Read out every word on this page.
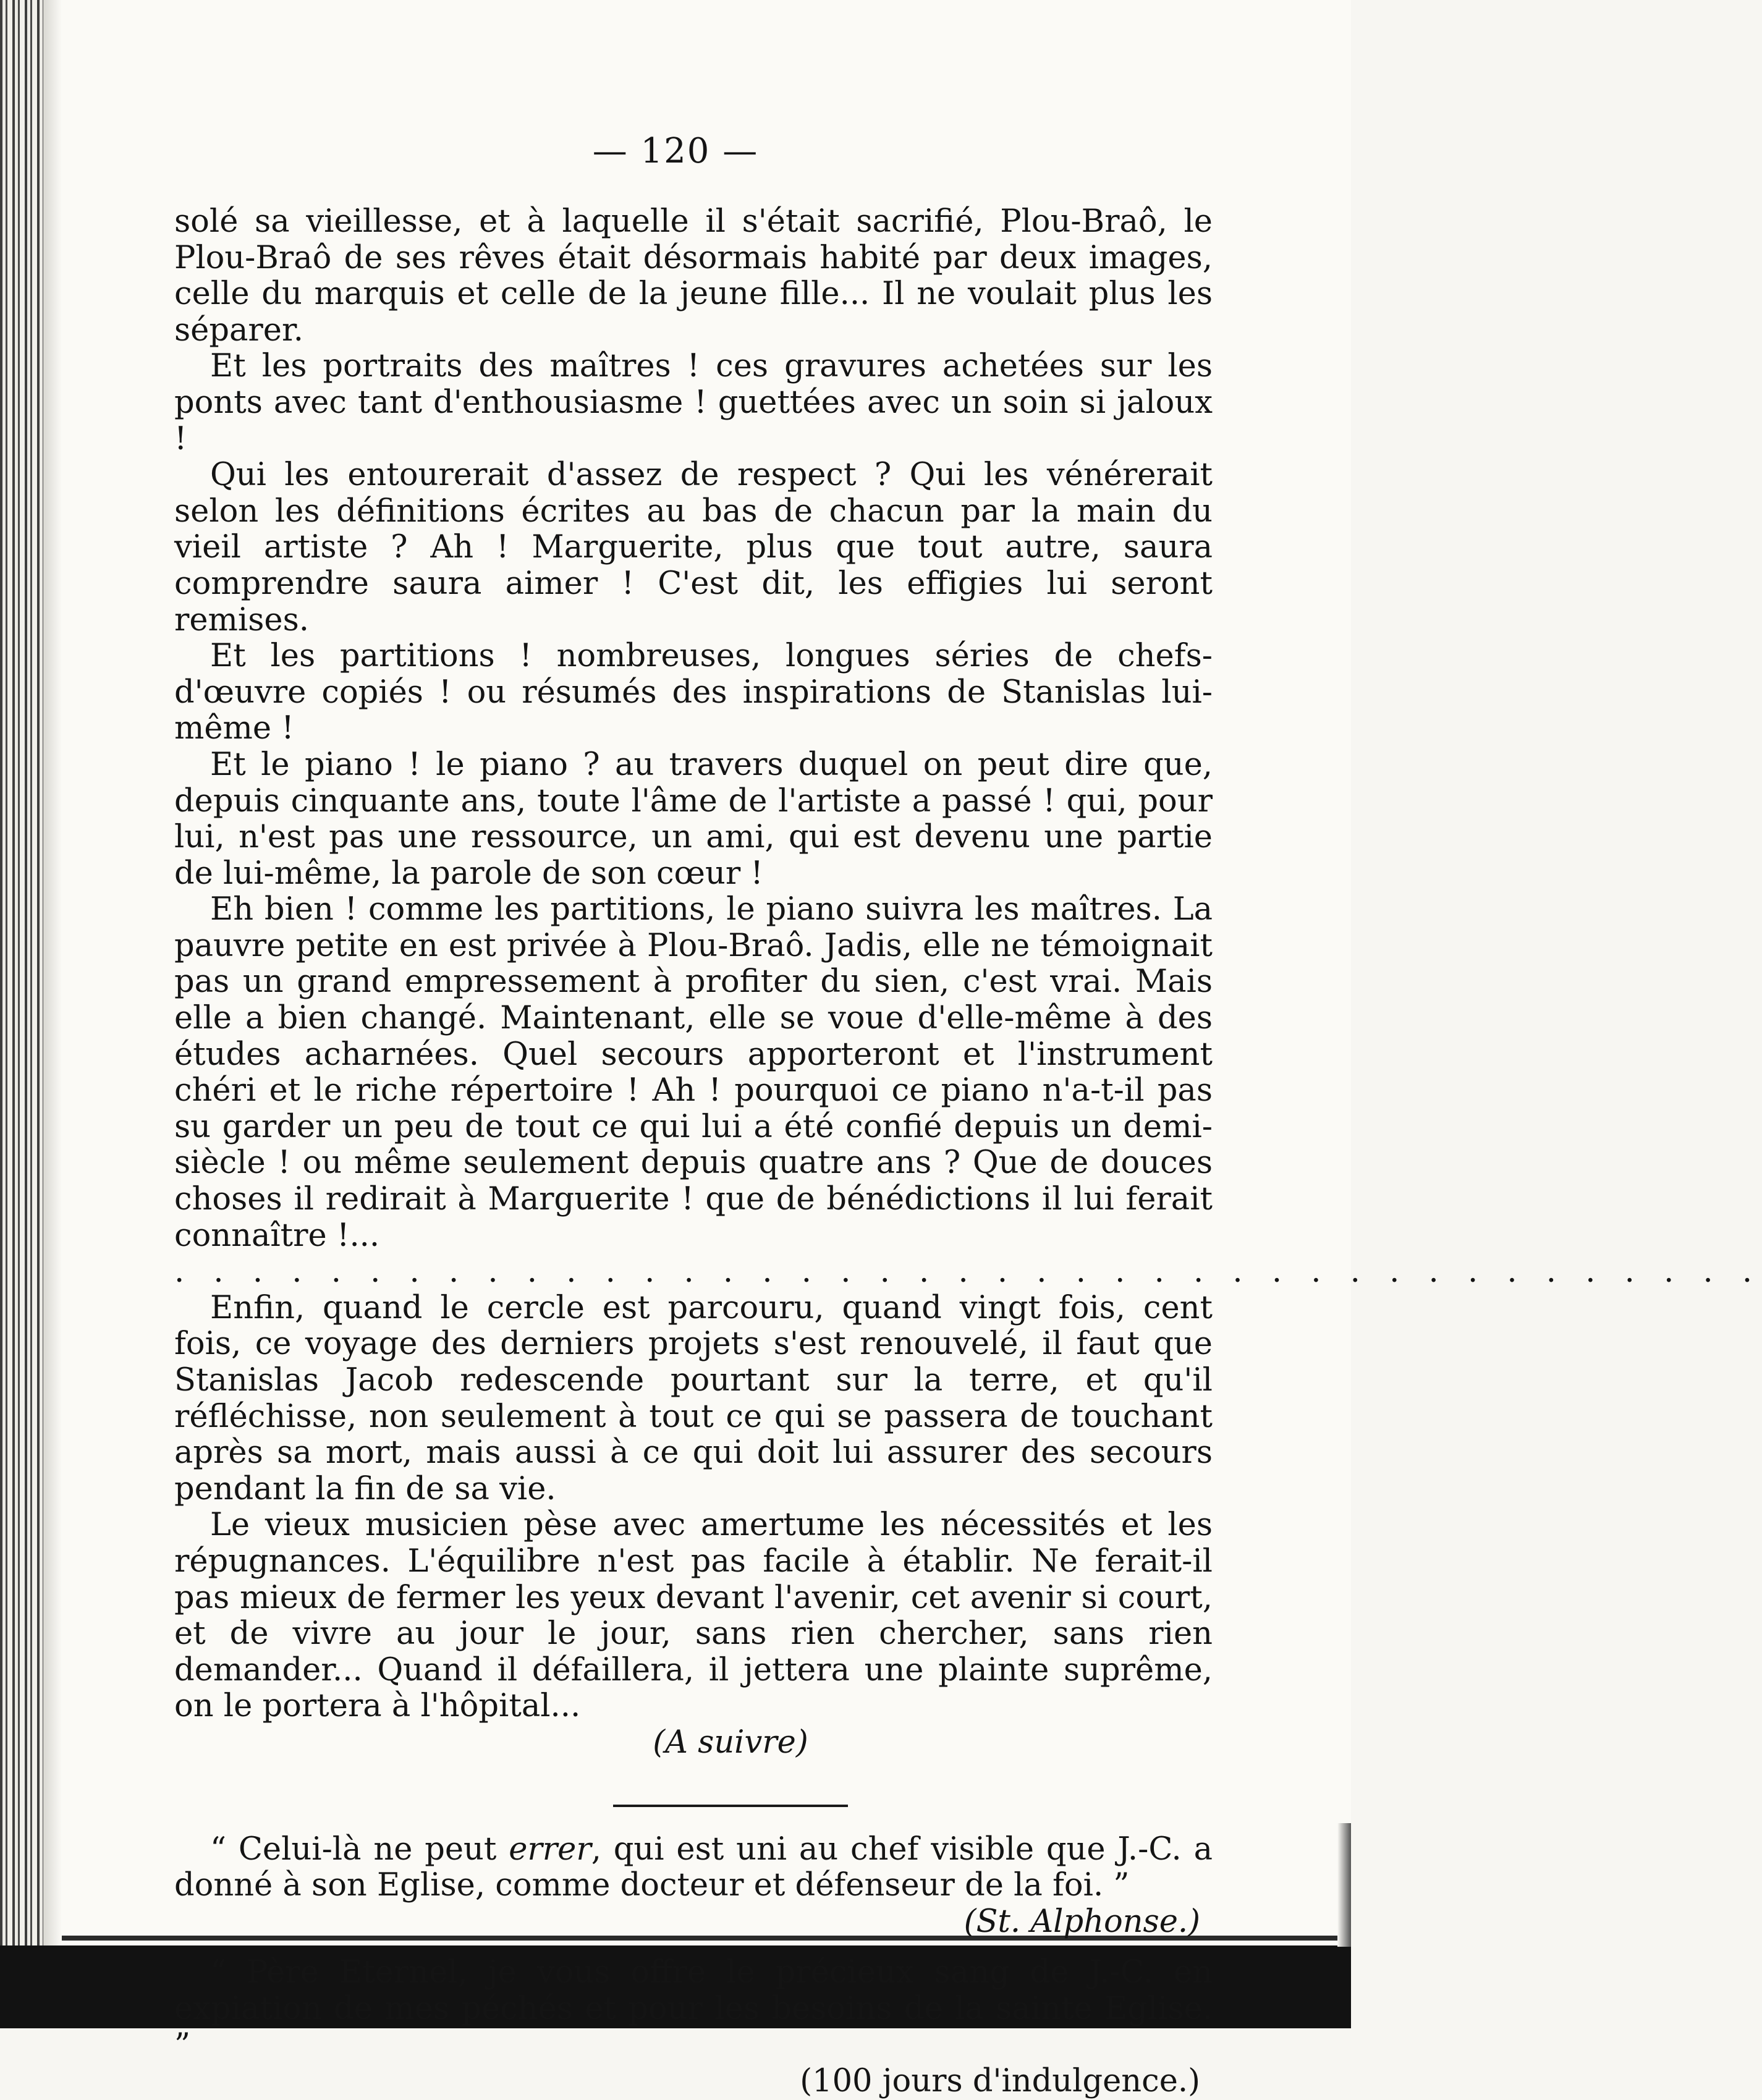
— 120 —

solé sa vieillesse, et à laquelle il s'était sacrifié, Plou-Braô, le Plou-Braô de ses rêves était désormais habité par deux images, celle du marquis et celle de la jeune fille... Il ne voulait plus les séparer.

Et les portraits des maîtres ! ces gravures achetées sur les ponts avec tant d'enthousiasme ! guettées avec un soin si jaloux !

Qui les entourerait d'assez de respect ? Qui les vénérerait selon les définitions écrites au bas de chacun par la main du vieil artiste ? Ah ! Marguerite, plus que tout autre, saura comprendre saura aimer ! C'est dit, les effigies lui seront remises.

Et les partitions ! nombreuses, longues séries de chefs-d'œuvre copiés ! ou résumés des inspirations de Stanislas lui-même !

Et le piano ! le piano ? au travers duquel on peut dire que, depuis cinquante ans, toute l'âme de l'artiste a passé ! qui, pour lui, n'est pas une ressource, un ami, qui est devenu une partie de lui-même, la parole de son cœur !

Eh bien ! comme les partitions, le piano suivra les maîtres. La pauvre petite en est privée à Plou-Braô. Jadis, elle ne témoignait pas un grand empressement à profiter du sien, c'est vrai. Mais elle a bien changé. Maintenant, elle se voue d'elle-même à des études acharnées. Quel secours apporteront et l'instrument chéri et le riche répertoire ! Ah ! pourquoi ce piano n'a-t-il pas su garder un peu de tout ce qui lui a été confié depuis un demi-siècle ! ou même seulement depuis quatre ans ? Que de douces choses il redirait à Marguerite ! que de bénédictions il lui ferait connaître !...

. . . . . . . . . . . . . . . . . . . . . . . . . . . . . . . . . . . . . . . . .

Enfin, quand le cercle est parcouru, quand vingt fois, cent fois, ce voyage des derniers projets s'est renouvelé, il faut que Stanislas Jacob redescende pourtant sur la terre, et qu'il réfléchisse, non seulement à tout ce qui se passera de touchant après sa mort, mais aussi à ce qui doit lui assurer des secours pendant la fin de sa vie.

Le vieux musicien pèse avec amertume les nécessités et les répugnances. L'équilibre n'est pas facile à établir. Ne ferait-il pas mieux de fermer les yeux devant l'avenir, cet avenir si court, et de vivre au jour le jour, sans rien chercher, sans rien demander... Quand il défaillera, il jettera une plainte suprême, on le portera à l'hôpital...

(A suivre)

“ Celui-là ne peut errer, qui est uni au chef visible que J.-C. a donné à son Eglise, comme docteur et défenseur de la foi. ”

(St. Alphonse.)

“ Père Eternel, je vous offre le précieux sang de J.-C. en expiation de mes péchés et pour les besoins de la sainte Eglise. ”

(100 jours d'indulgence.)
